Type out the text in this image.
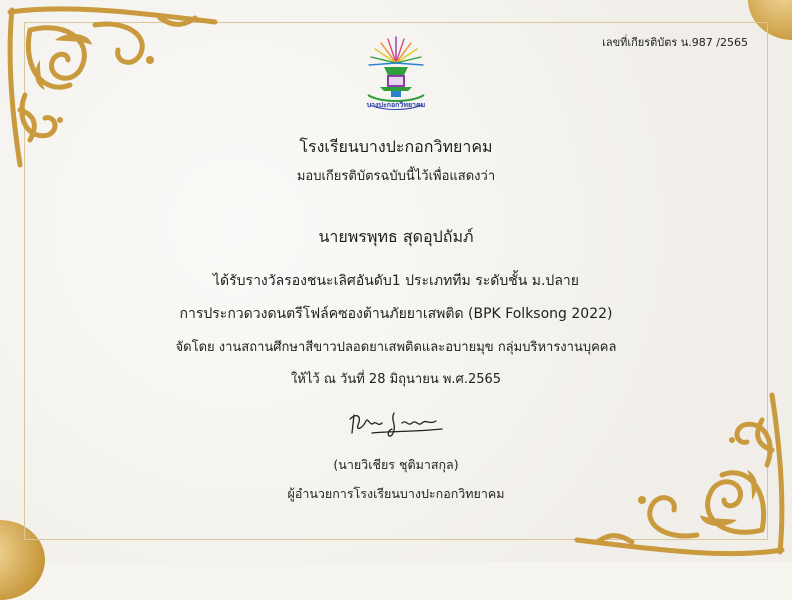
เลขที่เกียรติบัตร น.987 /2565
บางปะกอกวิทยาคม
โรงเรียนบางปะกอกวิทยาคม
มอบเกียรติบัตรฉบับนี้ไว้เพื่อแสดงว่า
นายพรพุทธ สุดอุปถัมภ์
ได้รับรางวัลรองชนะเลิศอันดับ1 ประเภททีม ระดับชั้น ม.ปลาย
การประกวดวงดนตรีโฟล์คซองต้านภัยยาเสพติด (BPK Folksong 2022)
จัดโดย งานสถานศึกษาสีขาวปลอดยาเสพติดและอบายมุข กลุ่มบริหารงานบุคคล
ให้ไว้ ณ วันที่ 28 มิถุนายน พ.ศ.2565
(นายวิเชียร ชุติมาสกุล)
ผู้อำนวยการโรงเรียนบางปะกอกวิทยาคม
